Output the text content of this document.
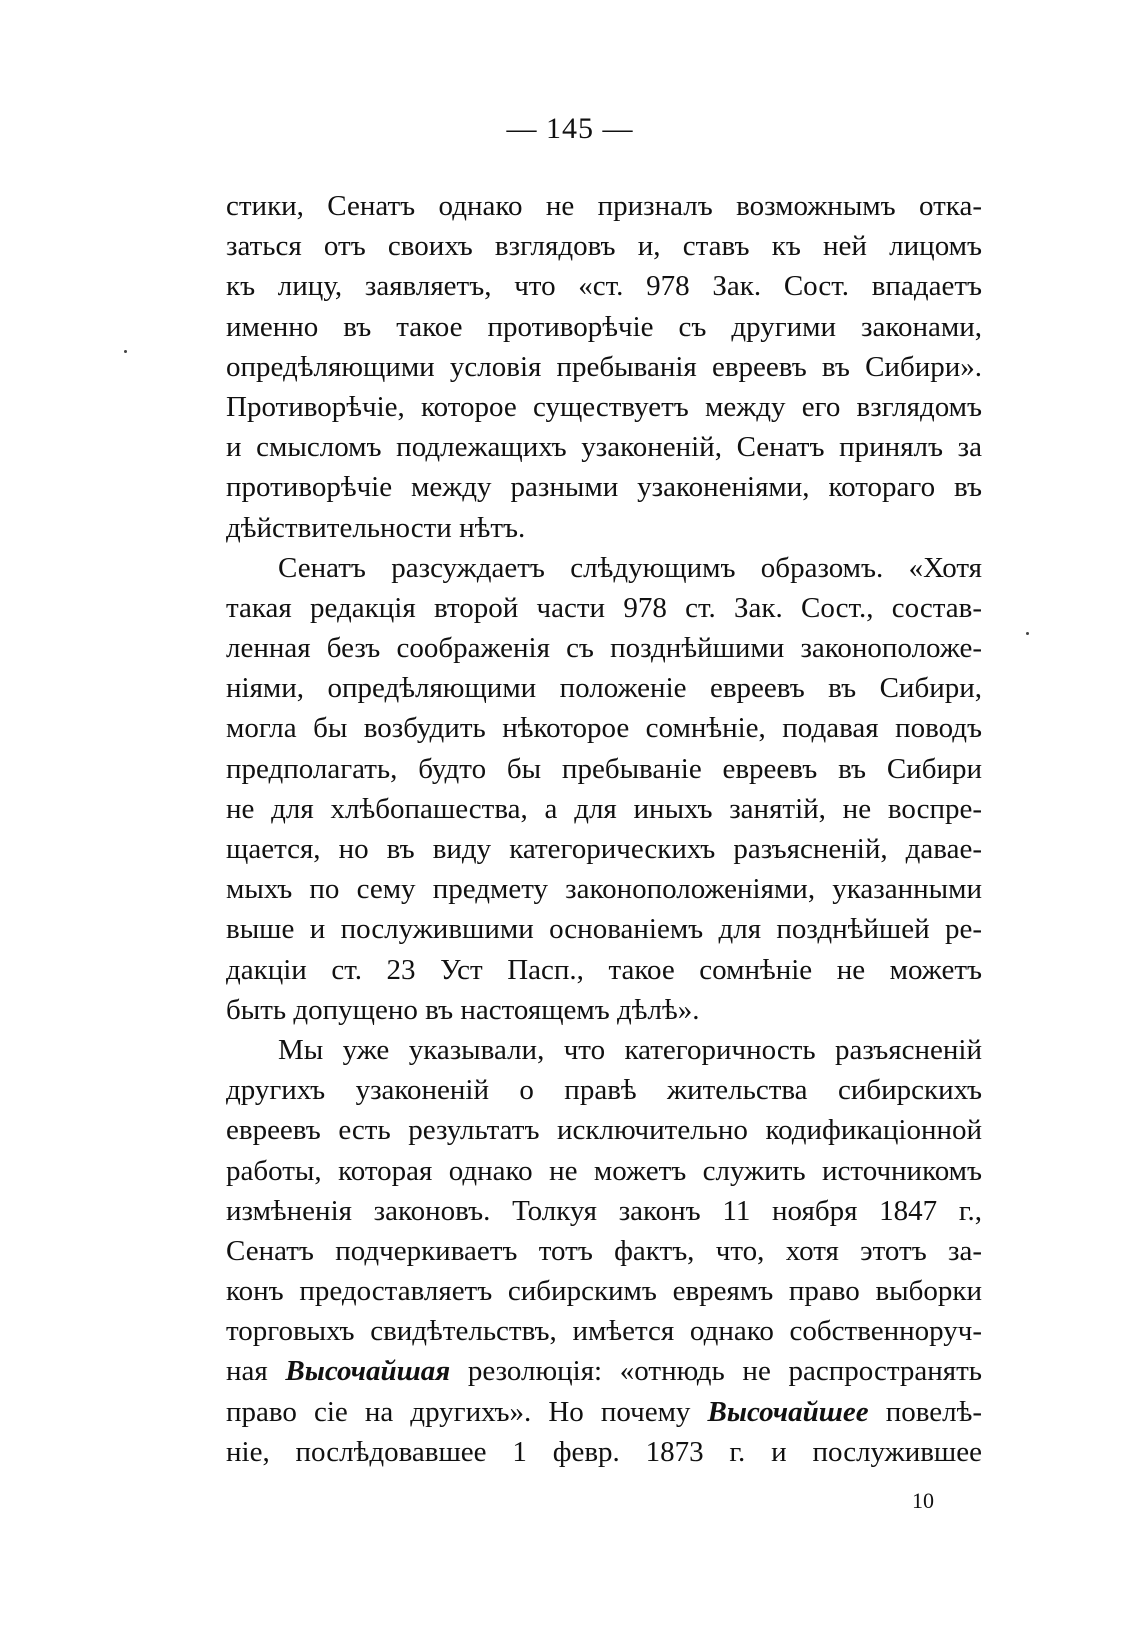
— 145 —
стики, Сенатъ однако не призналъ возможнымъ отка-
заться отъ своихъ взглядовъ и, ставъ къ ней лицомъ
къ лицу, заявляетъ, что «ст. 978 Зак. Сост. впадаетъ
именно въ такое противорѣчіе съ другими законами,
опредѣляющими условія пребыванія евреевъ въ Сибири».
Противорѣчіе, которое существуетъ между его взглядомъ
и смысломъ подлежащихъ узаконеній, Сенатъ принялъ за
противорѣчіе между разными узаконеніями, котораго въ
дѣйствительности нѣтъ.
Сенатъ разсуждаетъ слѣдующимъ образомъ. «Хотя
такая редакція второй части 978 ст. Зак. Сост., состав-
ленная безъ соображенія съ позднѣйшими законоположе-
ніями, опредѣляющими положеніе евреевъ въ Сибири,
могла бы возбудить нѣкоторое сомнѣніе, подавая поводъ
предполагать, будто бы пребываніе евреевъ въ Сибири
не для хлѣбопашества, а для иныхъ занятій, не воспре-
щается, но въ виду категорическихъ разъясненій, даваe-
мыхъ по сему предмету законоположеніями, указанными
выше и послужившими основаніемъ для позднѣйшей ре-
дакціи ст. 23 Уст Пасп., такое сомнѣніе не можетъ
быть допущено въ настоящемъ дѣлѣ».
Мы уже указывали, что категоричность разъясненій
другихъ узаконеній о правѣ жительства сибирскихъ
евреевъ есть результатъ исключительно кодификаціонной
работы, которая однако не можетъ служить источникомъ
измѣненія законовъ. Толкуя законъ 11 ноября 1847 г.,
Сенатъ подчеркиваетъ тотъ фактъ, что, хотя этотъ за-
конъ предоставляетъ сибирскимъ евреямъ право выборки
торговыхъ свидѣтельствъ, имѣется однако собственноруч-
ная Высочайшая резолюція: «отнюдь не распространять
право сіе на другихъ». Но почему Высочайшее повелѣ-
ніе, послѣдовавшее 1 февр. 1873 г. и послужившее
10
